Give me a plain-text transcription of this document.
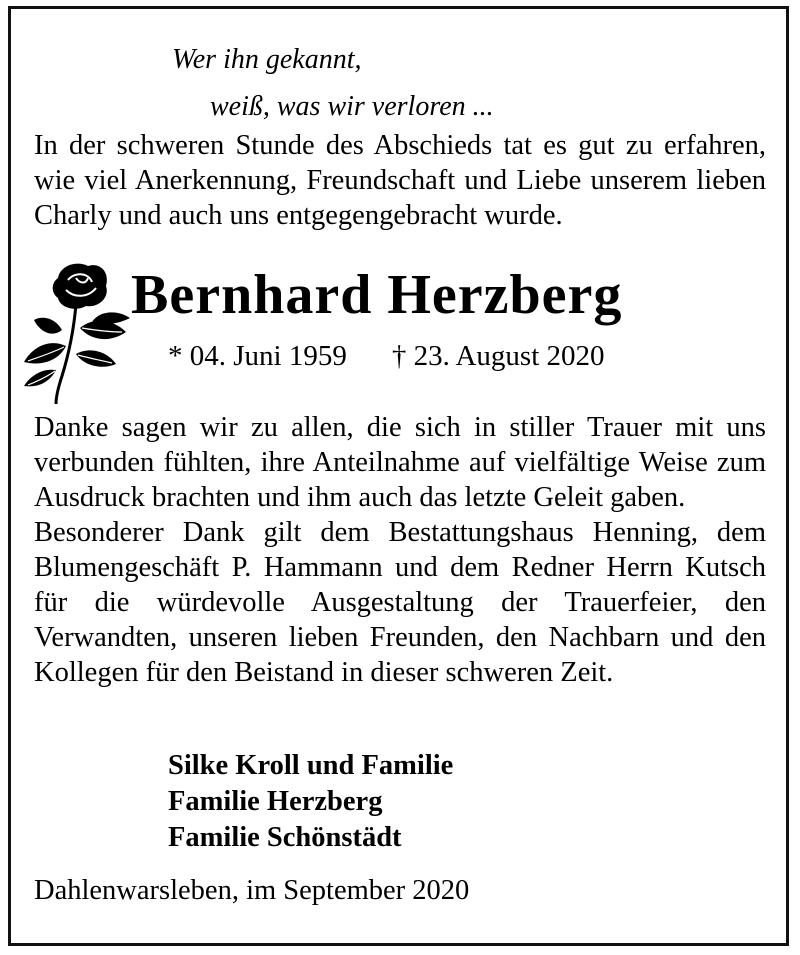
Wer ihn gekannt,
weiß, was wir verloren ...
In der schweren Stunde des Abschieds tat es gut zu erfahren, wie viel Anerkennung, Freundschaft und Liebe unserem lieben Charly und auch uns entgegengebracht wurde.
Bernhard Herzberg
* 04. Juni 1959 † 23. August 2020
Danke sagen wir zu allen, die sich in stiller Trauer mit uns verbunden fühlten, ihre Anteilnahme auf vielfältige Weise zum Ausdruck brachten und ihm auch das letzte Geleit gaben.
Besonderer Dank gilt dem Bestattungshaus Henning, dem Blumengeschäft P. Hammann und dem Redner Herrn Kutsch für die würdevolle Ausgestaltung der Trauerfeier, den Verwandten, unseren lieben Freunden, den Nachbarn und den Kollegen für den Beistand in dieser schweren Zeit.
Silke Kroll und Familie
Familie Herzberg
Familie Schönstädt
Dahlenwarsleben, im September 2020
